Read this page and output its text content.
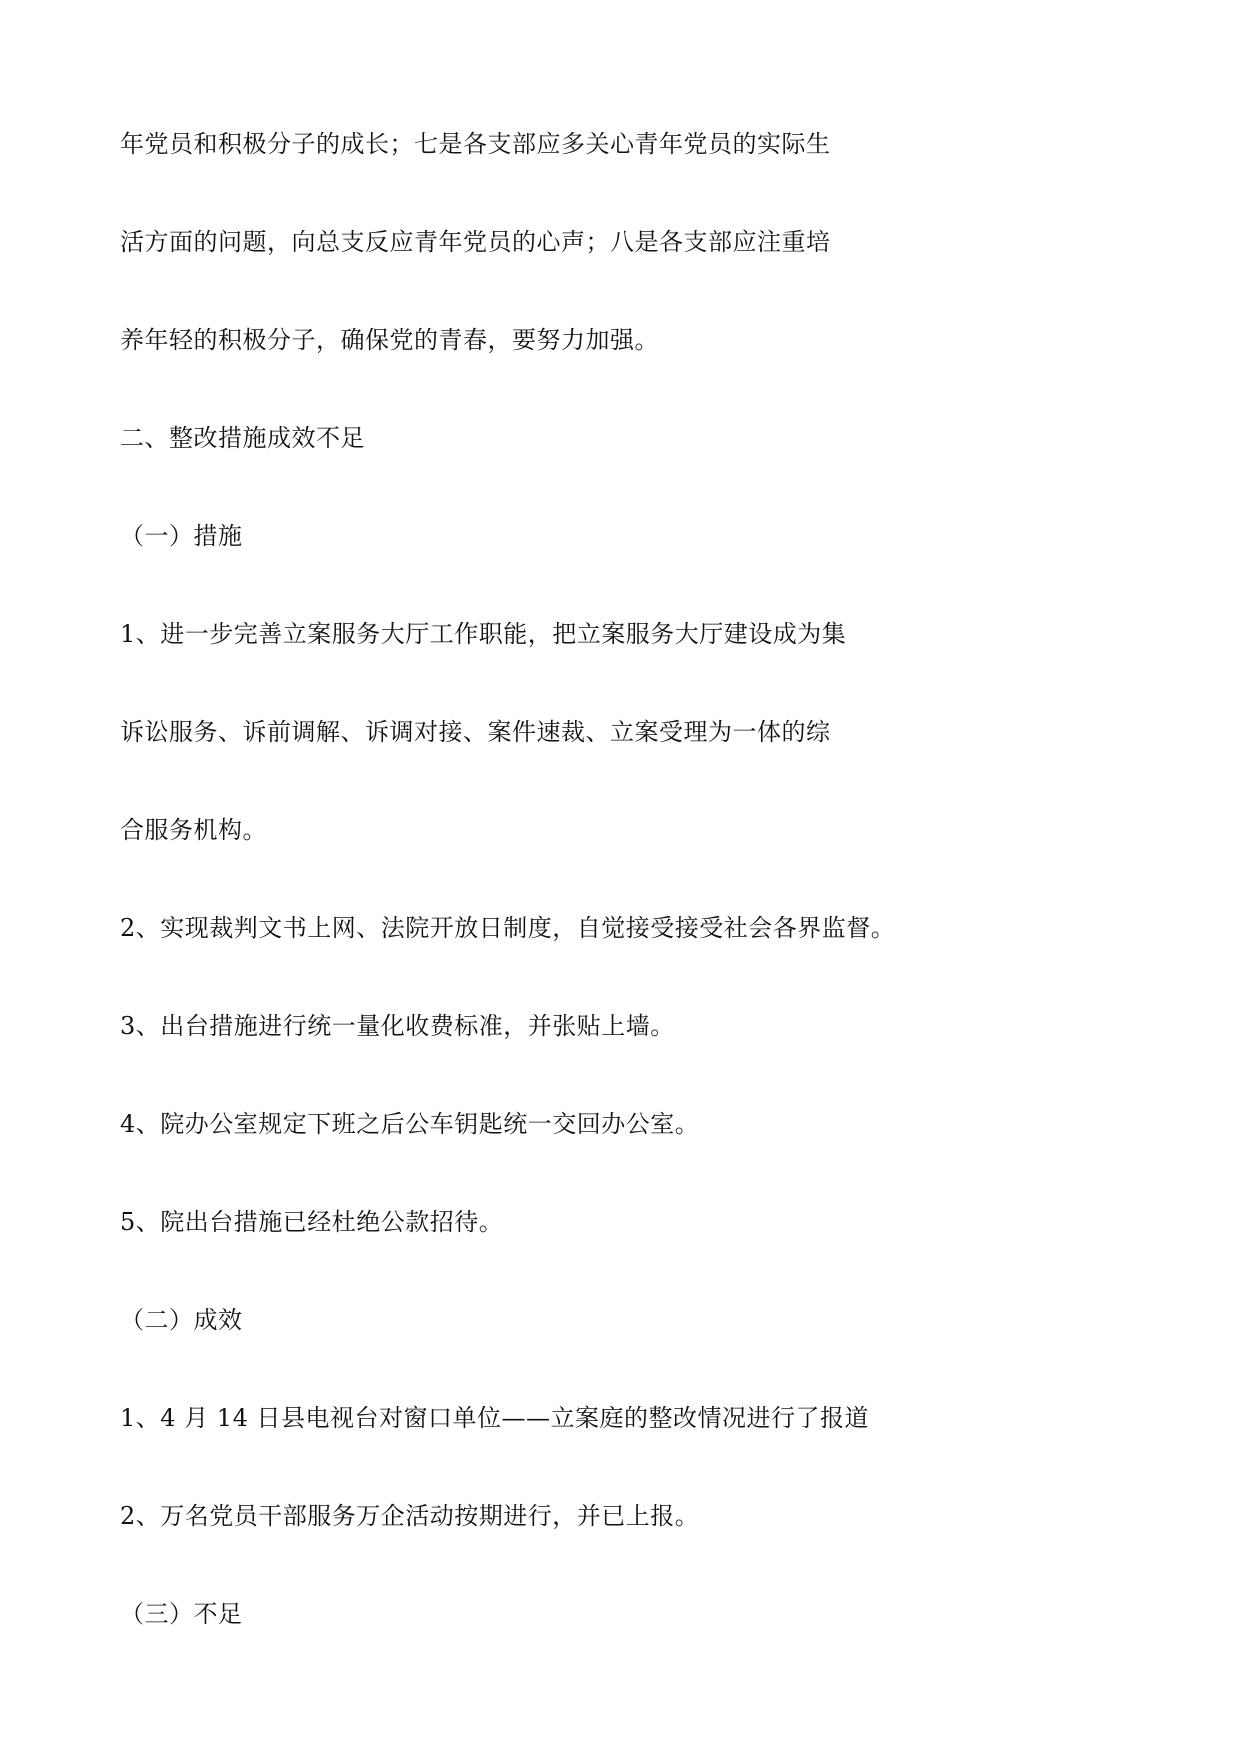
年党员和积极分子的成长；七是各支部应多关心青年党员的实际生

活方面的问题，向总支反应青年党员的心声；八是各支部应注重培

养年轻的积极分子，确保党的青春，要努力加强。

二、整改措施成效不足

（一）措施

1、进一步完善立案服务大厅工作职能，把立案服务大厅建设成为集

诉讼服务、诉前调解、诉调对接、案件速裁、立案受理为一体的综

合服务机构。

2、实现裁判文书上网、法院开放日制度，自觉接受接受社会各界监督。

3、出台措施进行统一量化收费标准，并张贴上墙。

4、院办公室规定下班之后公车钥匙统一交回办公室。

5、院出台措施已经杜绝公款招待。

（二）成效

1、4 月 14 日县电视台对窗口单位——立案庭的整改情况进行了报道

2、万名党员干部服务万企活动按期进行，并已上报。

（三）不足
